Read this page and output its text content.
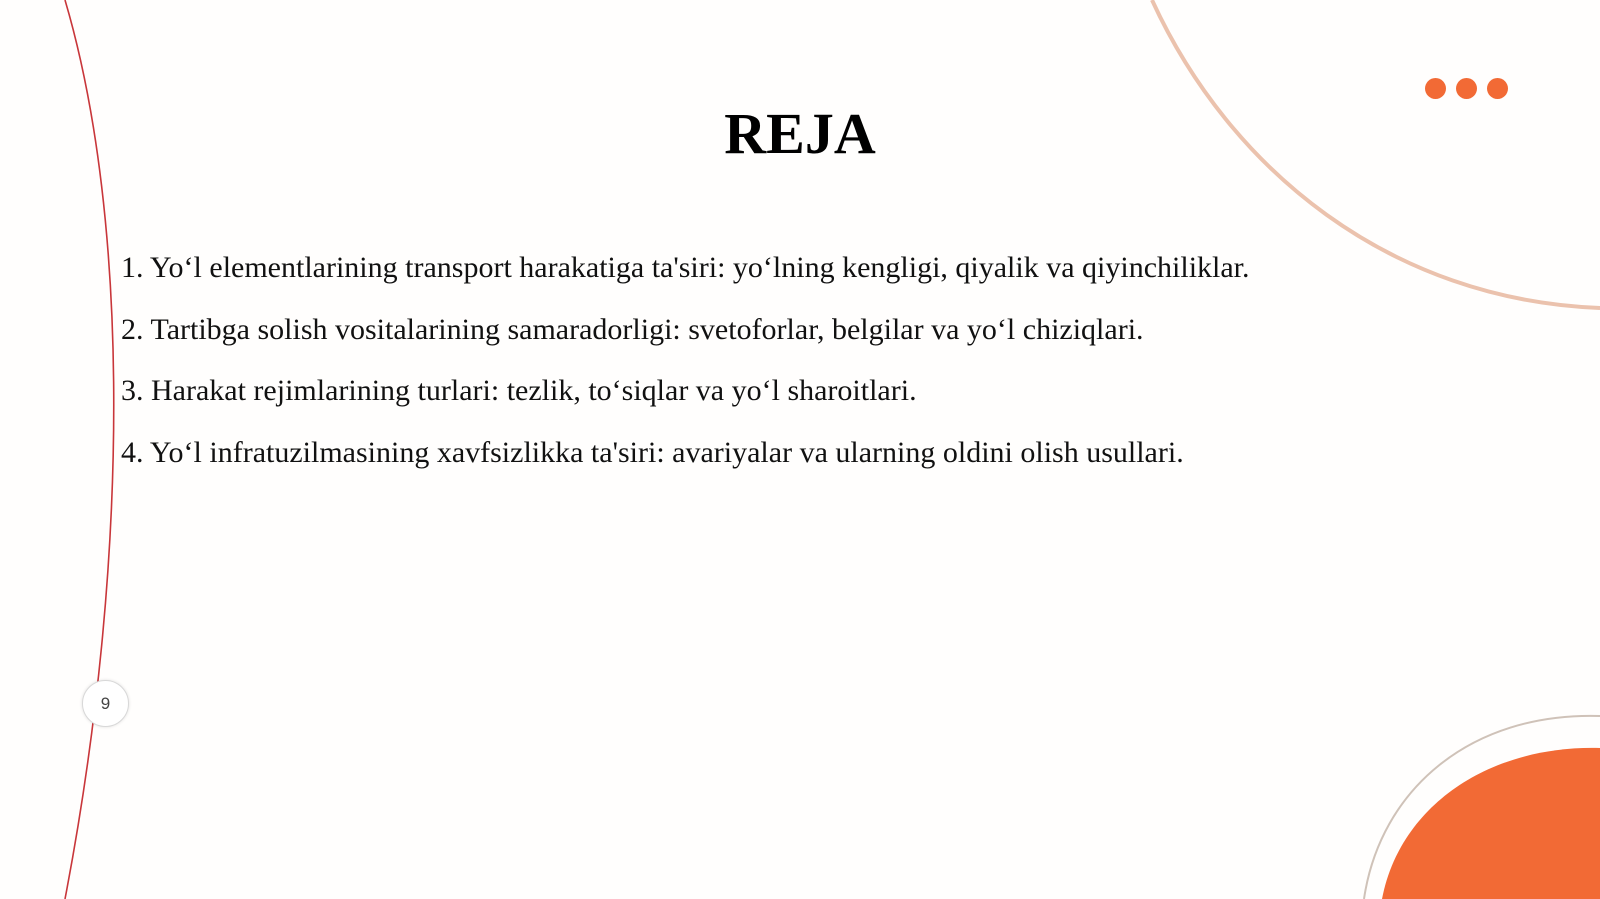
REJA
1. Yo‘l elementlarining transport harakatiga ta'siri: yo‘lning kengligi, qiyalik va qiyinchiliklar.
2. Tartibga solish vositalarining samaradorligi: svetoforlar, belgilar va yo‘l chiziqlari.
3. Harakat rejimlarining turlari: tezlik, to‘siqlar va yo‘l sharoitlari.
4. Yo‘l infratuzilmasining xavfsizlikka ta'siri: avariyalar va ularning oldini olish usullari.
9
